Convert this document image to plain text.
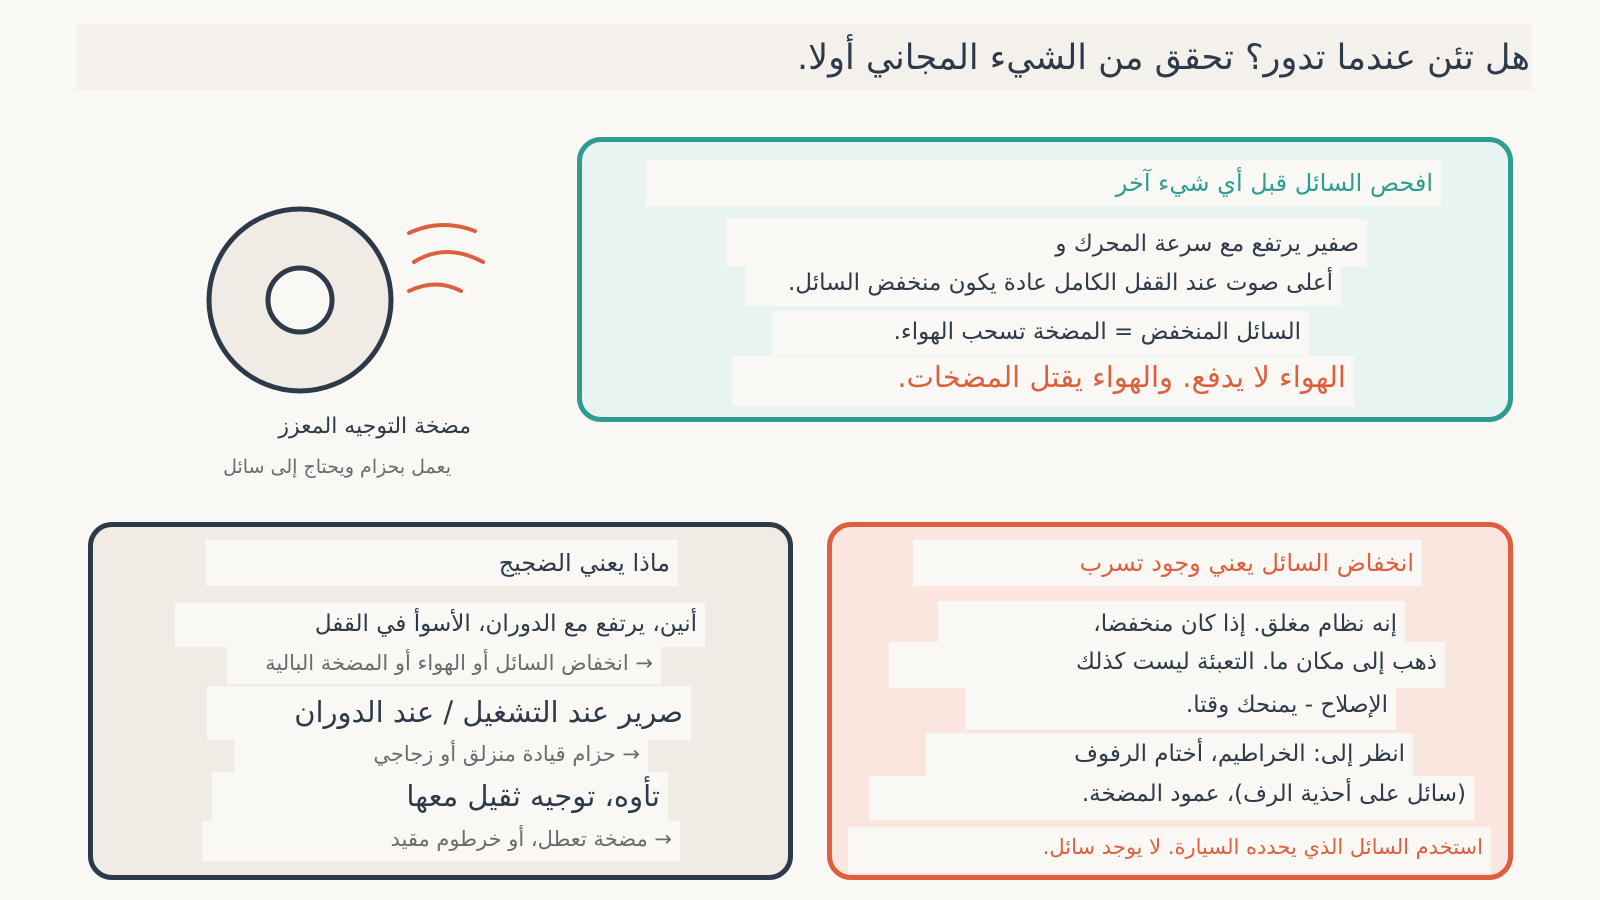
هل تئن عندما تدور؟ تحقق من الشيء المجاني أولا.
مضخة التوجيه المعزز
يعمل بحزام ويحتاج إلى سائل
افحص السائل قبل أي شيء آخر
صفير يرتفع مع سرعة المحرك و
أعلى صوت عند القفل الكامل عادة يكون منخفض السائل.
السائل المنخفض = المضخة تسحب الهواء.
الهواء لا يدفع. والهواء يقتل المضخات.
ماذا يعني الضجيج
أنين، يرتفع مع الدوران، الأسوأ في القفل
→ انخفاض السائل أو الهواء أو المضخة البالية
صرير عند التشغيل / عند الدوران
→ حزام قيادة منزلق أو زجاجي
تأوه، توجيه ثقيل معها
→ مضخة تعطل، أو خرطوم مقيد
انخفاض السائل يعني وجود تسرب
إنه نظام مغلق. إذا كان منخفضا،
ذهب إلى مكان ما. التعبئة ليست كذلك
الإصلاح - يمنحك وقتا.
انظر إلى: الخراطيم، أختام الرفوف
(سائل على أحذية الرف)، عمود المضخة.
استخدم السائل الذي يحدده السيارة. لا يوجد سائل.
